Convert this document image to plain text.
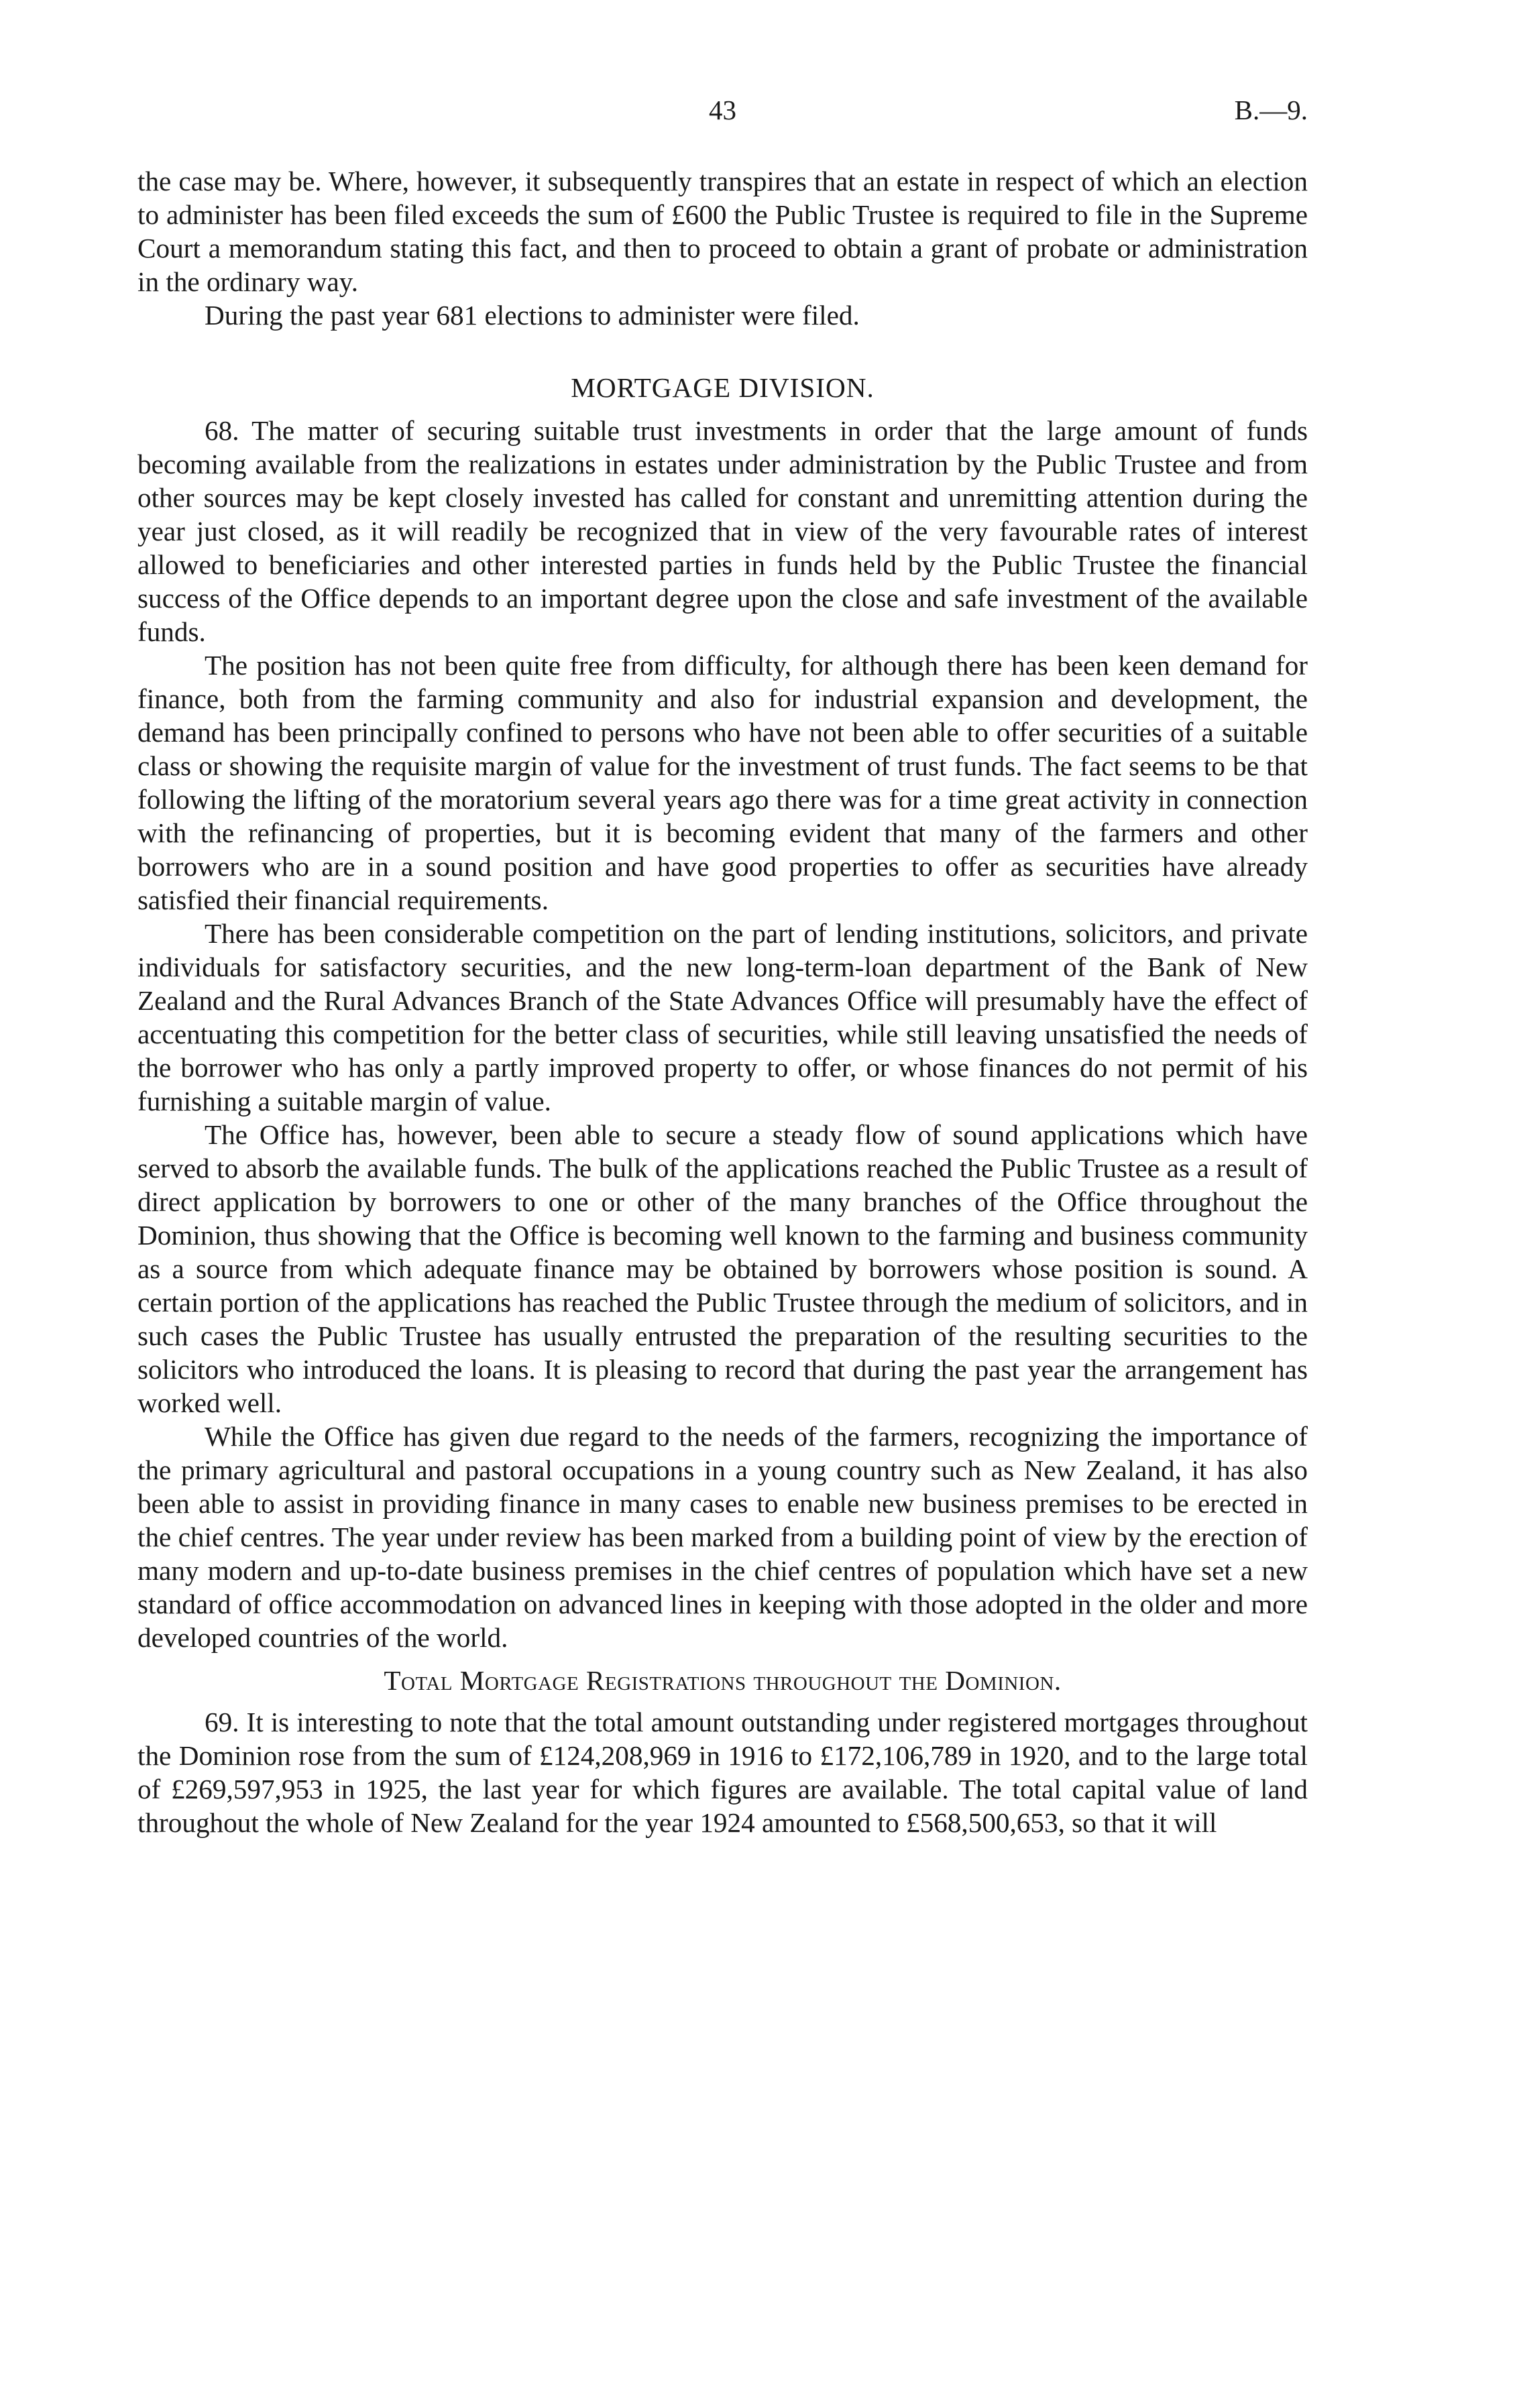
43	B.—9.

the case may be. Where, however, it subsequently transpires that an estate in respect of which an election to administer has been filed exceeds the sum of £600 the Public Trustee is required to file in the Supreme Court a memorandum stating this fact, and then to proceed to obtain a grant of probate or administration in the ordinary way.

During the past year 681 elections to administer were filed.

MORTGAGE DIVISION.

68. The matter of securing suitable trust investments in order that the large amount of funds becoming available from the realizations in estates under administration by the Public Trustee and from other sources may be kept closely invested has called for constant and unremitting attention during the year just closed, as it will readily be recognized that in view of the very favourable rates of interest allowed to beneficiaries and other interested parties in funds held by the Public Trustee the financial success of the Office depends to an important degree upon the close and safe investment of the available funds.

The position has not been quite free from difficulty, for although there has been keen demand for finance, both from the farming community and also for industrial expansion and development, the demand has been principally confined to persons who have not been able to offer securities of a suitable class or showing the requisite margin of value for the investment of trust funds. The fact seems to be that following the lifting of the moratorium several years ago there was for a time great activity in connection with the refinancing of properties, but it is becoming evident that many of the farmers and other borrowers who are in a sound position and have good properties to offer as securities have already satisfied their financial requirements.

There has been considerable competition on the part of lending institutions, solicitors, and private individuals for satisfactory securities, and the new long-term-loan department of the Bank of New Zealand and the Rural Advances Branch of the State Advances Office will presumably have the effect of accentuating this competition for the better class of securities, while still leaving unsatisfied the needs of the borrower who has only a partly improved property to offer, or whose finances do not permit of his furnishing a suitable margin of value.

The Office has, however, been able to secure a steady flow of sound applications which have served to absorb the available funds. The bulk of the applications reached the Public Trustee as a result of direct application by borrowers to one or other of the many branches of the Office throughout the Dominion, thus showing that the Office is becoming well known to the farming and business community as a source from which adequate finance may be obtained by borrowers whose position is sound. A certain portion of the applications has reached the Public Trustee through the medium of solicitors, and in such cases the Public Trustee has usually entrusted the preparation of the resulting securities to the solicitors who introduced the loans. It is pleasing to record that during the past year the arrangement has worked well.

While the Office has given due regard to the needs of the farmers, recognizing the importance of the primary agricultural and pastoral occupations in a young country such as New Zealand, it has also been able to assist in providing finance in many cases to enable new business premises to be erected in the chief centres. The year under review has been marked from a building point of view by the erection of many modern and up-to-date business premises in the chief centres of population which have set a new standard of office accommodation on advanced lines in keeping with those adopted in the older and more developed countries of the world.

Total Mortgage Registrations throughout the Dominion.

69. It is interesting to note that the total amount outstanding under registered mortgages throughout the Dominion rose from the sum of £124,208,969 in 1916 to £172,106,789 in 1920, and to the large total of £269,597,953 in 1925, the last year for which figures are available. The total capital value of land throughout the whole of New Zealand for the year 1924 amounted to £568,500,653, so that it will
